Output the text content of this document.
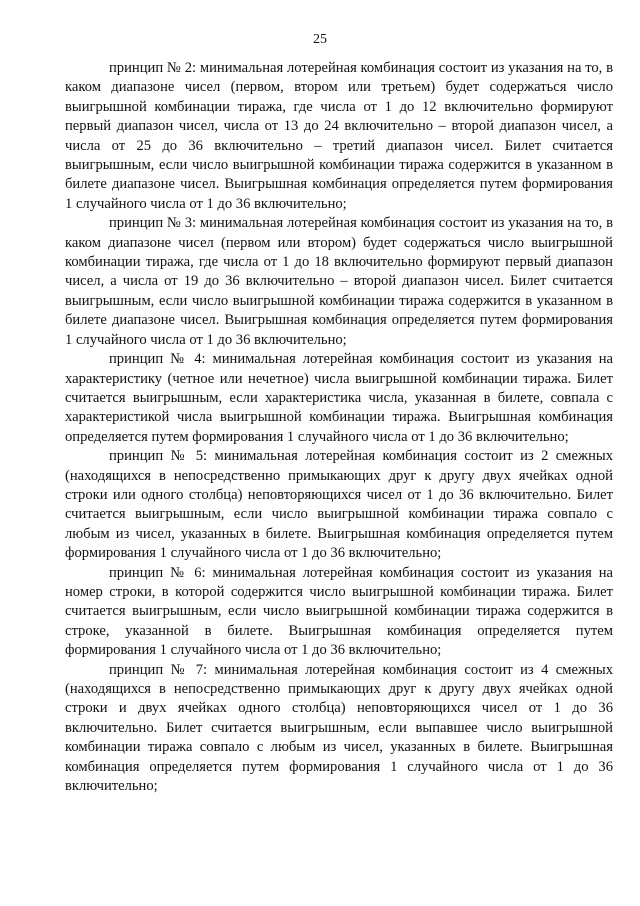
25

принцип № 2: минимальная лотерейная комбинация состоит из указания на то, в каком диапазоне чисел (первом, втором или третьем) будет содержаться число выигрышной комбинации тиража, где числа от 1 до 12 включительно формируют первый диапазон чисел, числа от 13 до 24 включительно – второй диапазон чисел, а числа от 25 до 36 включительно – третий диапазон чисел. Билет считается выигрышным, если число выигрышной комбинации тиража содержится в указанном в билете диапазоне чисел. Выигрышная комбинация определяется путем формирования 1 случайного числа от 1 до 36 включительно;

принцип № 3: минимальная лотерейная комбинация состоит из указания на то, в каком диапазоне чисел (первом или втором) будет содержаться число выигрышной комбинации тиража, где числа от 1 до 18 включительно формируют первый диапазон чисел, а числа от 19 до 36 включительно – второй диапазон чисел. Билет считается выигрышным, если число выигрышной комбинации тиража содержится в указанном в билете диапазоне чисел. Выигрышная комбинация определяется путем формирования 1 случайного числа от 1 до 36 включительно;

принцип № 4: минимальная лотерейная комбинация состоит из указания на характеристику (четное или нечетное) числа выигрышной комбинации тиража. Билет считается выигрышным, если характеристика числа, указанная в билете, совпала с характеристикой числа выигрышной комбинации тиража. Выигрышная комбинация определяется путем формирования 1 случайного числа от 1 до 36 включительно;

принцип № 5: минимальная лотерейная комбинация состоит из 2 смежных (находящихся в непосредственно примыкающих друг к другу двух ячейках одной строки или одного столбца) неповторяющихся чисел от 1 до 36 включительно. Билет считается выигрышным, если число выигрышной комбинации тиража совпало с любым из чисел, указанных в билете. Выигрышная комбинация определяется путем формирования 1 случайного числа от 1 до 36 включительно;

принцип № 6: минимальная лотерейная комбинация состоит из указания на номер строки, в которой содержится число выигрышной комбинации тиража. Билет считается выигрышным, если число выигрышной комбинации тиража содержится в строке, указанной в билете. Выигрышная комбинация определяется путем формирования 1 случайного числа от 1 до 36 включительно;

принцип № 7: минимальная лотерейная комбинация состоит из 4 смежных (находящихся в непосредственно примыкающих друг к другу двух ячейках одной строки и двух ячейках одного столбца) неповторяющихся чисел от 1 до 36 включительно. Билет считается выигрышным, если выпавшее число выигрышной комбинации тиража совпало с любым из чисел, указанных в билете. Выигрышная комбинация определяется путем формирования 1 случайного числа от 1 до 36 включительно;
